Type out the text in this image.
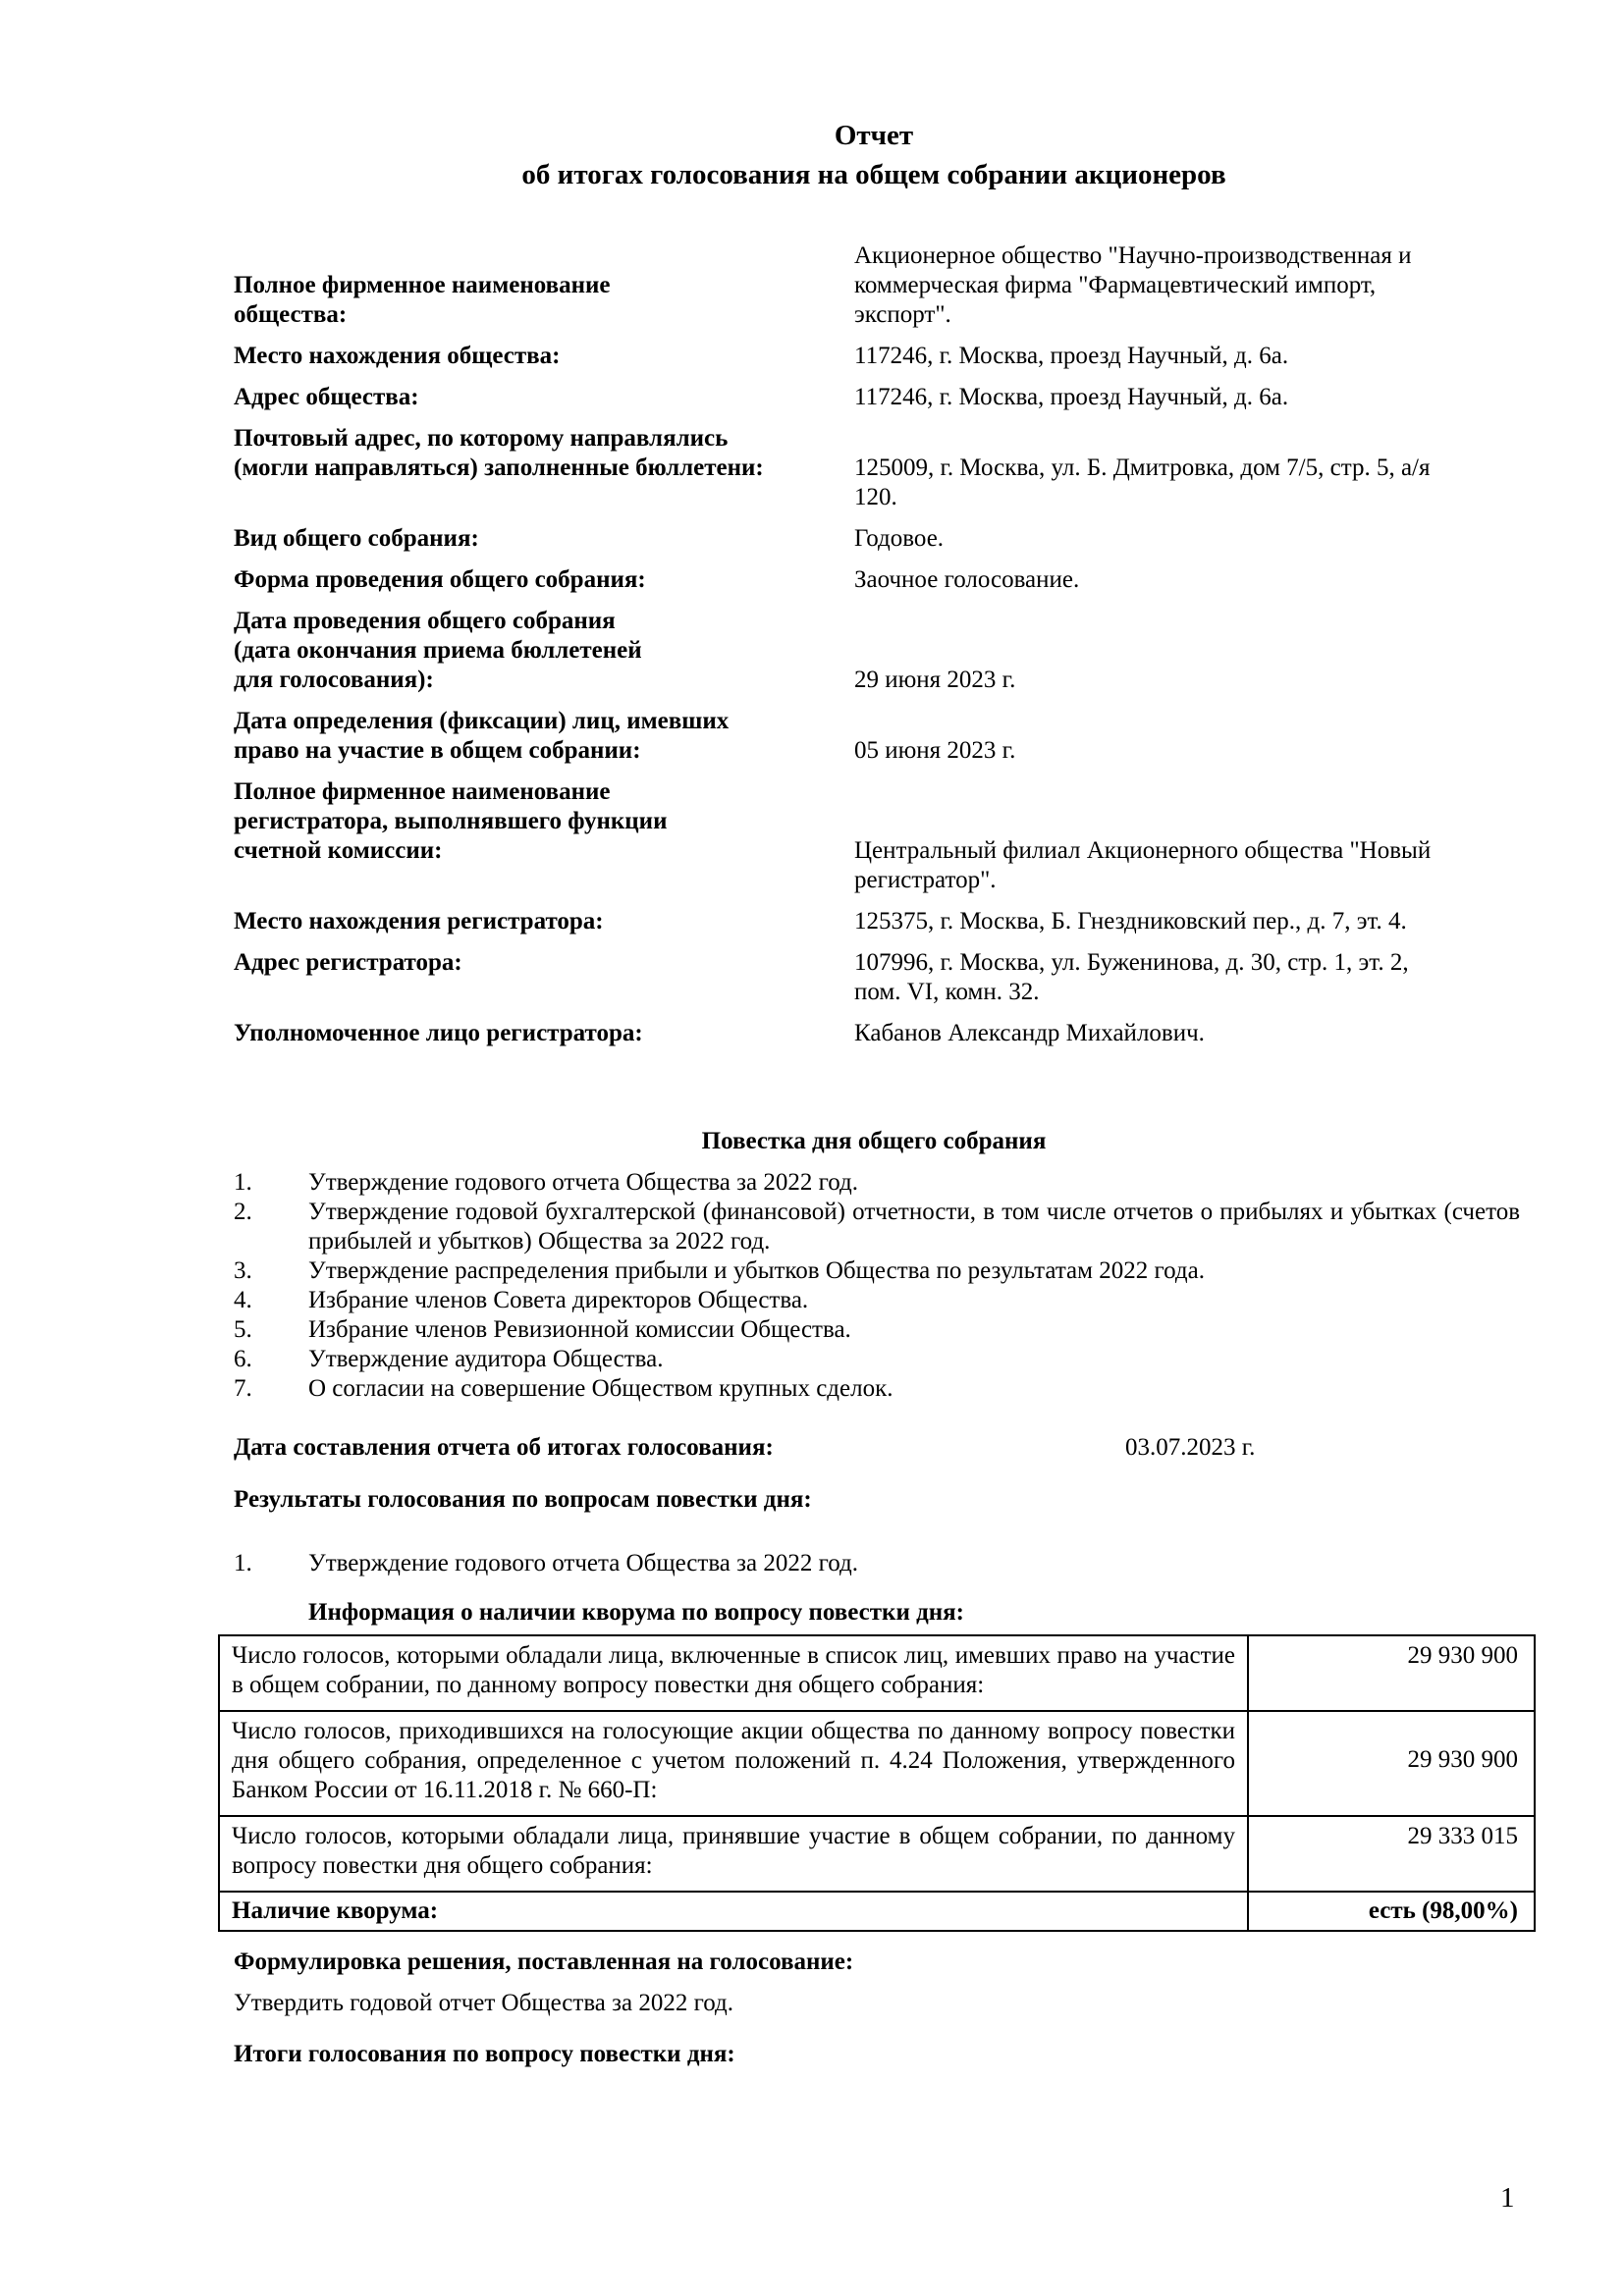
Отчет
об итогах голосования на общем собрании акционеров
Полное фирменное наименование
общества:
Акционерное общество "Научно-производственная и
коммерческая фирма "Фармацевтический импорт,
экспорт".
Место нахождения общества:	117246, г. Москва, проезд Научный, д. 6а.
Адрес общества:	117246, г. Москва, проезд Научный, д. 6а.
Почтовый адрес, по которому направлялись
(могли направляться) заполненные бюллетени:	125009, г. Москва, ул. Б. Дмитровка, дом 7/5, стр. 5, а/я
120.
Вид общего собрания:	Годовое.
Форма проведения общего собрания:	Заочное голосование.
Дата проведения общего собрания
(дата окончания приема бюллетеней
для голосования):	29 июня 2023 г.
Дата определения (фиксации) лиц, имевших
право на участие в общем собрании:	05 июня 2023 г.
Полное фирменное наименование
регистратора, выполнявшего функции
счетной комиссии:	Центральный филиал Акционерного общества "Новый
регистратор".
Место нахождения регистратора:	125375, г. Москва, Б. Гнездниковский пер., д. 7, эт. 4.
Адрес регистратора:	107996, г. Москва, ул. Буженинова, д. 30, стр. 1, эт. 2,
пом. VI, комн. 32.
Уполномоченное лицо регистратора:	Кабанов Александр Михайлович.
Повестка дня общего собрания
1.	Утверждение годового отчета Общества за 2022 год.
2.	Утверждение годовой бухгалтерской (финансовой) отчетности, в том числе отчетов о прибылях и убытках (счетов прибылей и убытков) Общества за 2022 год.
3.	Утверждение распределения прибыли и убытков Общества по результатам 2022 года.
4.	Избрание членов Совета директоров Общества.
5.	Избрание членов Ревизионной комиссии Общества.
6.	Утверждение аудитора Общества.
7.	О согласии на совершение Обществом крупных сделок.
Дата составления отчета об итогах голосования:	03.07.2023 г.
Результаты голосования по вопросам повестки дня:
1.	Утверждение годового отчета Общества за 2022 год.
Информация о наличии кворума по вопросу повестки дня:
Число голосов, которыми обладали лица, включенные в список лиц, имевших право на участие в общем собрании, по данному вопросу повестки дня общего собрания:	29 930 900
Число голосов, приходившихся на голосующие акции общества по данному вопросу повестки дня общего собрания, определенное с учетом положений п. 4.24 Положения, утвержденного Банком России от 16.11.2018 г. № 660-П:	29 930 900
Число голосов, которыми обладали лица, принявшие участие в общем собрании, по данному вопросу повестки дня общего собрания:	29 333 015
Наличие кворума:	есть (98,00%)
Формулировка решения, поставленная на голосование:
Утвердить годовой отчет Общества за 2022 год.
Итоги голосования по вопросу повестки дня:
1
